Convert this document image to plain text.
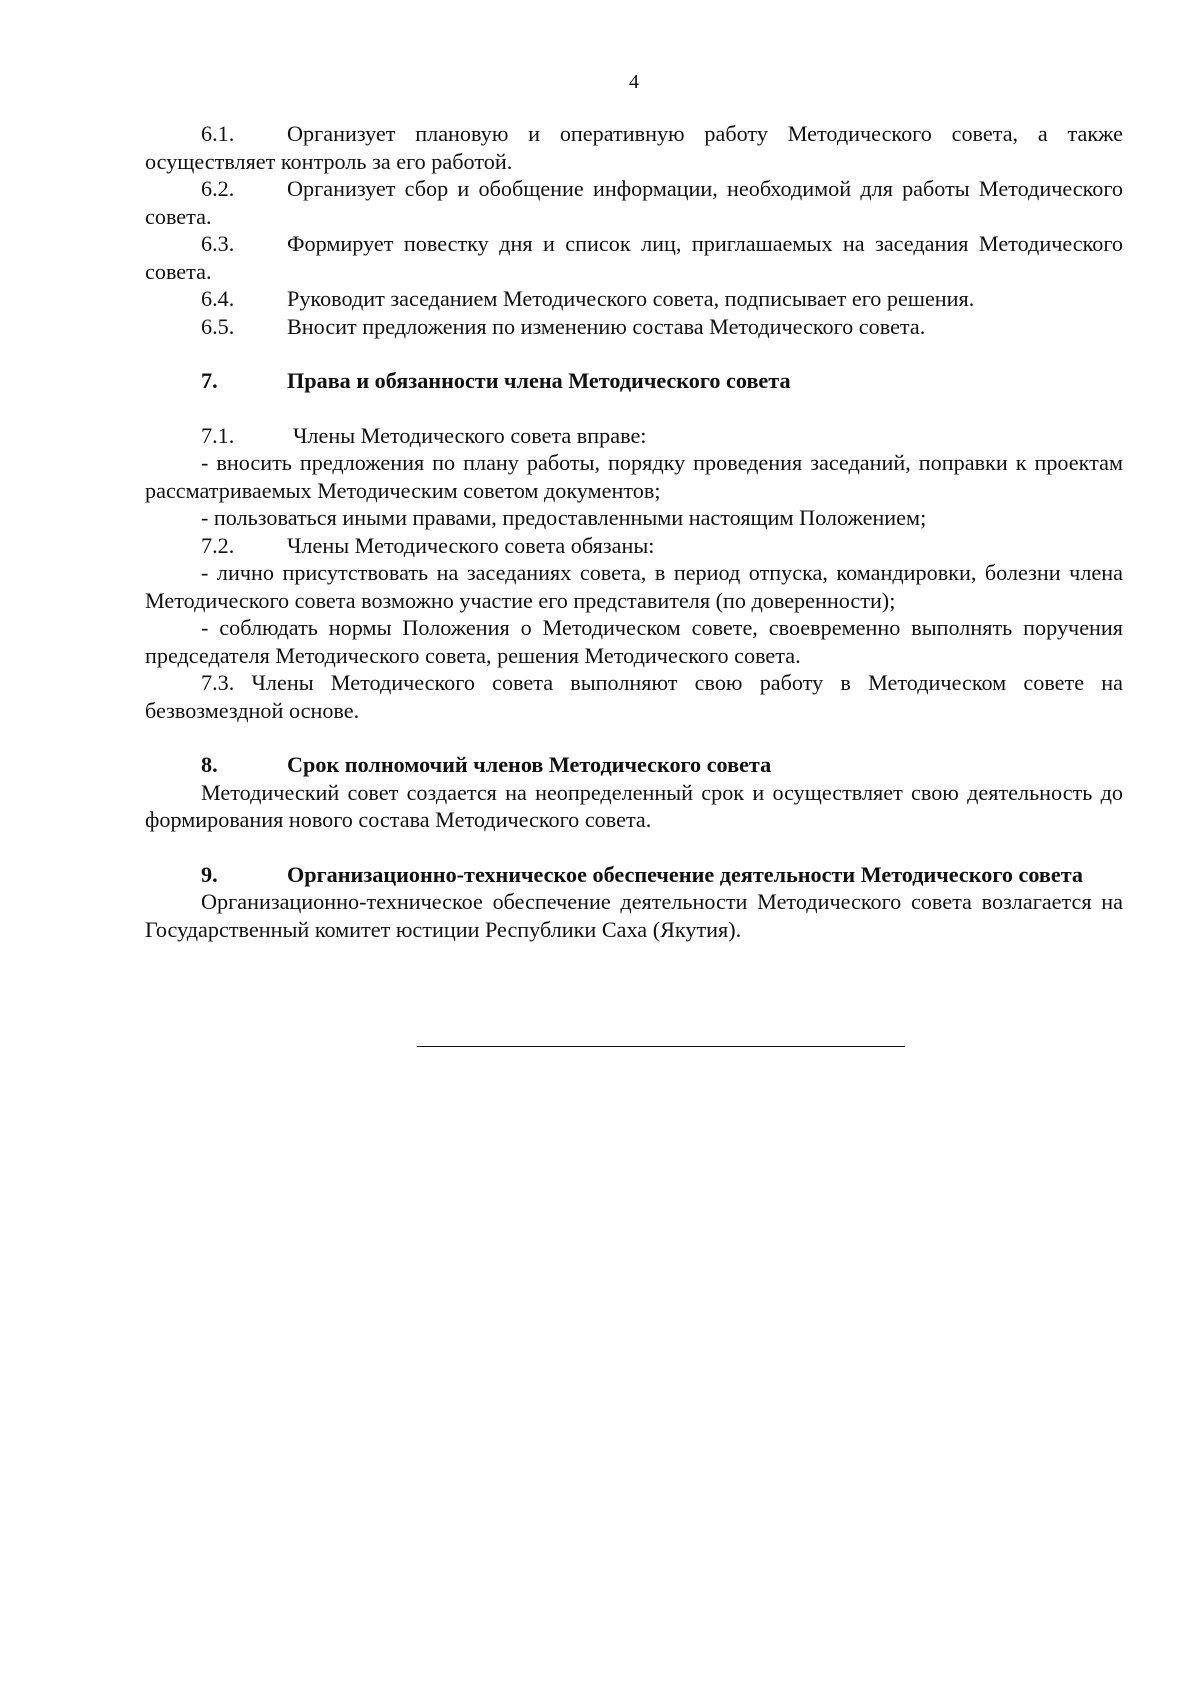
4

6.1. Организует плановую и оперативную работу Методического совета, а также осуществляет контроль за его работой.

6.2. Организует сбор и обобщение информации, необходимой для работы Методического совета.

6.3. Формирует повестку дня и список лиц, приглашаемых на заседания Методического совета.

6.4. Руководит заседанием Методического совета, подписывает его решения.

6.5. Вносит предложения по изменению состава Методического совета.

7.	Права и обязанности члена Методического совета

7.1.	Члены Методического совета вправе:

- вносить предложения по плану работы, порядку проведения заседаний, поправки к проектам рассматриваемых Методическим советом документов;

- пользоваться иными правами, предоставленными настоящим Положением;

7.2. Члены Методического совета обязаны:

- лично присутствовать на заседаниях совета, в период отпуска, командировки, болезни члена Методического совета возможно участие его представителя (по доверенности);

- соблюдать нормы Положения о Методическом совете, своевременно выполнять поручения председателя Методического совета, решения Методического совета.

7.3. Члены Методического совета выполняют свою работу в Методическом совете на безвозмездной основе.

8.	Срок полномочий членов Методического совета

Методический совет создается на неопределенный срок и осуществляет свою деятельность до формирования нового состава Методического совета.

9.	Организационно-техническое обеспечение деятельности Методического совета

Организационно-техническое обеспечение деятельности Методического совета возлагается на Государственный комитет юстиции Республики Саха (Якутия).
